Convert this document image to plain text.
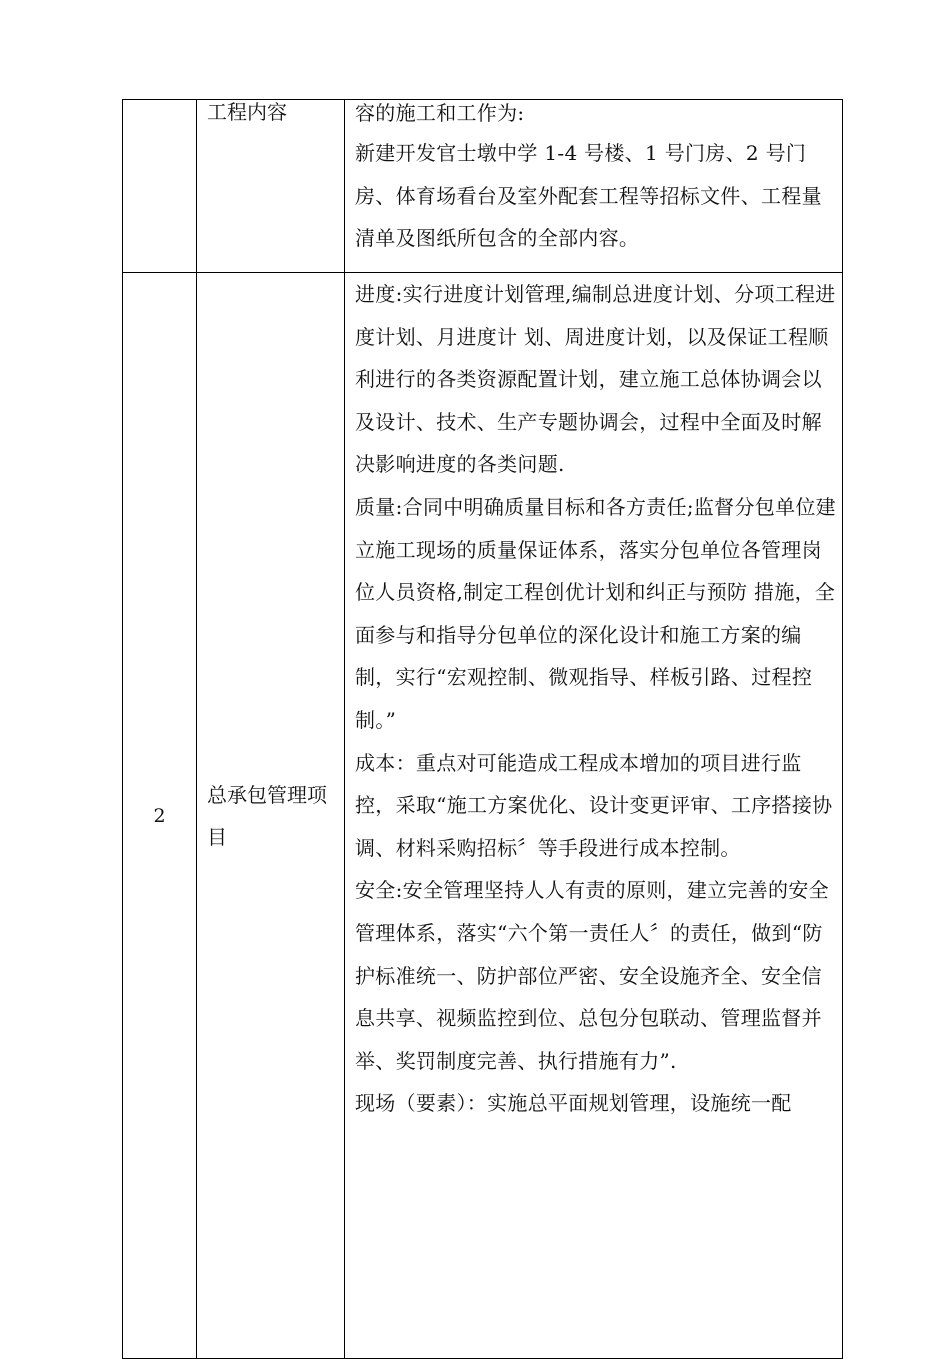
	工程内容	容的施工和工作为:

新建开发官士墩中学 1-4 号楼、1 号门房、2 号门房、体育场看台及室外配套工程等招标文件、工程量清单及图纸所包含的全部内容。

2	总承包管理项目	进度:实行进度计划管理,编制总进度计划、分项工程进度计划、月进度计 划、周进度计划，以及保证工程顺利进行的各类资源配置计划，建立施工总体协调会以及设计、技术、生产专题协调会，过程中全面及时解决影响进度的各类问题.

质量:合同中明确质量目标和各方责任;监督分包单位建立施工现场的质量保证体系，落实分包单位各管理岗位人员资格,制定工程创优计划和纠正与预防 措施，全面参与和指导分包单位的深化设计和施工方案的编制，实行“宏观控制、微观指导、样板引路、过程控制。”

成本：重点对可能造成工程成本增加的项目进行监控，采取“施工方案优化、设计变更评审、工序搭接协调、材料采购招标〞等手段进行成本控制。

安全:安全管理坚持人人有责的原则，建立完善的安全管理体系，落实“六个第一责任人〞的责任，做到“防护标准统一、防护部位严密、安全设施齐全、安全信息共享、视频监控到位、总包分包联动、管理监督并举、奖罚制度完善、执行措施有力”.

现场（要素）：实施总平面规划管理，设施统一配
